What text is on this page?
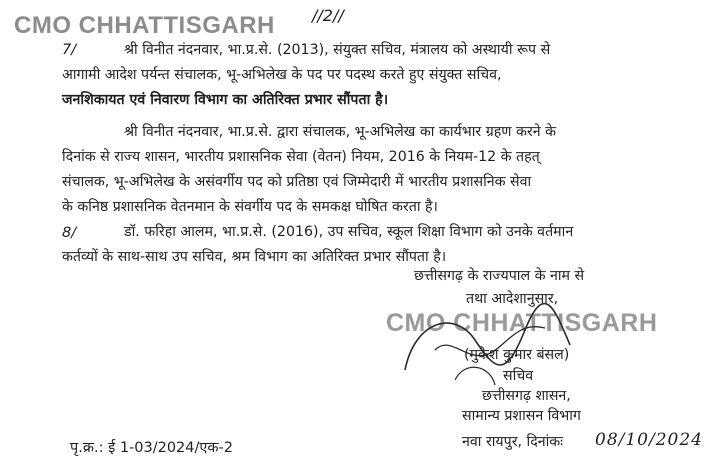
CMO CHHATTISGARH //2//
7/	श्री विनीत नंदनवार, भा.प्र.से. (2013), संयुक्त सचिव, मंत्रालय को अस्थायी रूप से
आगामी आदेश पर्यन्त संचालक, भू-अभिलेख के पद पर पदस्थ करते हुए संयुक्त सचिव,
जनशिकायत एवं निवारण विभाग का अतिरिक्त प्रभार सौंपता है।
श्री विनीत नंदनवार, भा.प्र.से. द्वारा संचालक, भू-अभिलेख का कार्यभार ग्रहण करने के
दिनांक से राज्य शासन, भारतीय प्रशासनिक सेवा (वेतन) नियम, 2016 के नियम-12 के तहत्
संचालक, भू-अभिलेख के असंवर्गीय पद को प्रतिष्ठा एवं जिम्मेदारी में भारतीय प्रशासनिक सेवा
के कनिष्ठ प्रशासनिक वेतनमान के संवर्गीय पद के समकक्ष घोषित करता है।
8/	डॉ. फरिहा आलम, भा.प्र.से. (2016), उप सचिव, स्कूल शिक्षा विभाग को उनके वर्तमान
कर्तव्यों के साथ-साथ उप सचिव, श्रम विभाग का अतिरिक्त प्रभार सौंपता है।
छत्तीसगढ़ के राज्यपाल के नाम से
तथा आदेशानुसार,
CMO CHHATTISGARH
(मुकेश कुमार बंसल)
सचिव
छत्तीसगढ़ शासन,
सामान्य प्रशासन विभाग
पृ.क्र.: ई 1-03/2024/एक-2	नवा रायपुर, दिनांकः 08/10/2024
